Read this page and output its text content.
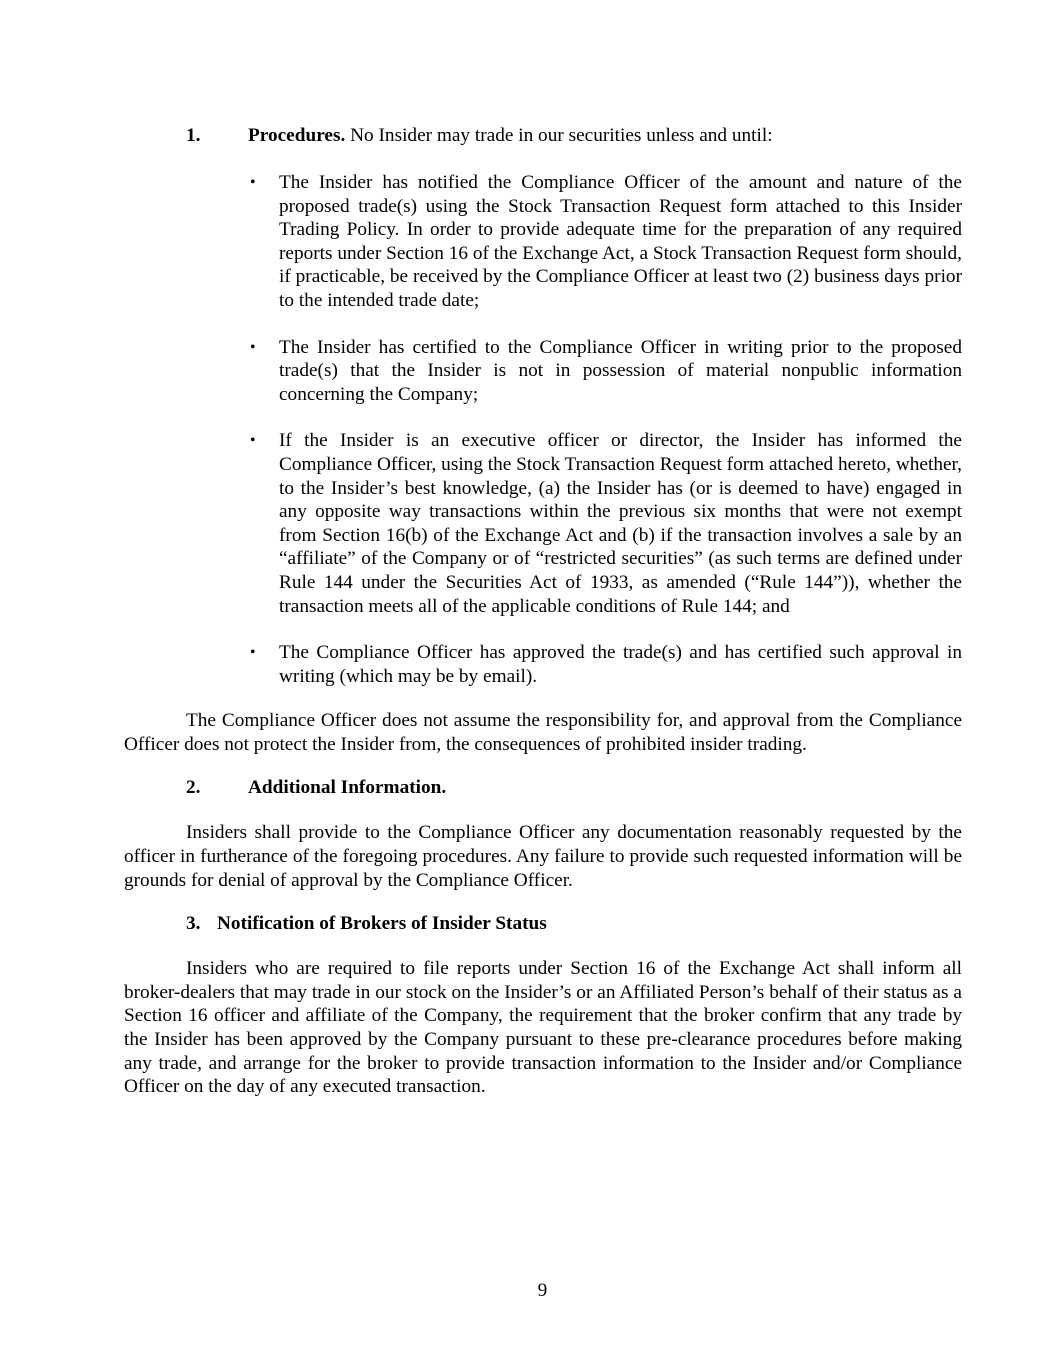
1. Procedures. No Insider may trade in our securities unless and until:
• The Insider has notified the Compliance Officer of the amount and nature of the proposed trade(s) using the Stock Transaction Request form attached to this Insider Trading Policy. In order to provide adequate time for the preparation of any required reports under Section 16 of the Exchange Act, a Stock Transaction Request form should, if practicable, be received by the Compliance Officer at least two (2) business days prior to the intended trade date;
• The Insider has certified to the Compliance Officer in writing prior to the proposed trade(s) that the Insider is not in possession of material nonpublic information concerning the Company;
• If the Insider is an executive officer or director, the Insider has informed the Compliance Officer, using the Stock Transaction Request form attached hereto, whether, to the Insider’s best knowledge, (a) the Insider has (or is deemed to have) engaged in any opposite way transactions within the previous six months that were not exempt from Section 16(b) of the Exchange Act and (b) if the transaction involves a sale by an “affiliate” of the Company or of “restricted securities” (as such terms are defined under Rule 144 under the Securities Act of 1933, as amended (“Rule 144”)), whether the transaction meets all of the applicable conditions of Rule 144; and
• The Compliance Officer has approved the trade(s) and has certified such approval in writing (which may be by email).

The Compliance Officer does not assume the responsibility for, and approval from the Compliance Officer does not protect the Insider from, the consequences of prohibited insider trading.

2. Additional Information.

Insiders shall provide to the Compliance Officer any documentation reasonably requested by the officer in furtherance of the foregoing procedures. Any failure to provide such requested information will be grounds for denial of approval by the Compliance Officer.

3. Notification of Brokers of Insider Status

Insiders who are required to file reports under Section 16 of the Exchange Act shall inform all broker-dealers that may trade in our stock on the Insider’s or an Affiliated Person’s behalf of their status as a Section 16 officer and affiliate of the Company, the requirement that the broker confirm that any trade by the Insider has been approved by the Company pursuant to these pre-clearance procedures before making any trade, and arrange for the broker to provide transaction information to the Insider and/or Compliance Officer on the day of any executed transaction.

9
